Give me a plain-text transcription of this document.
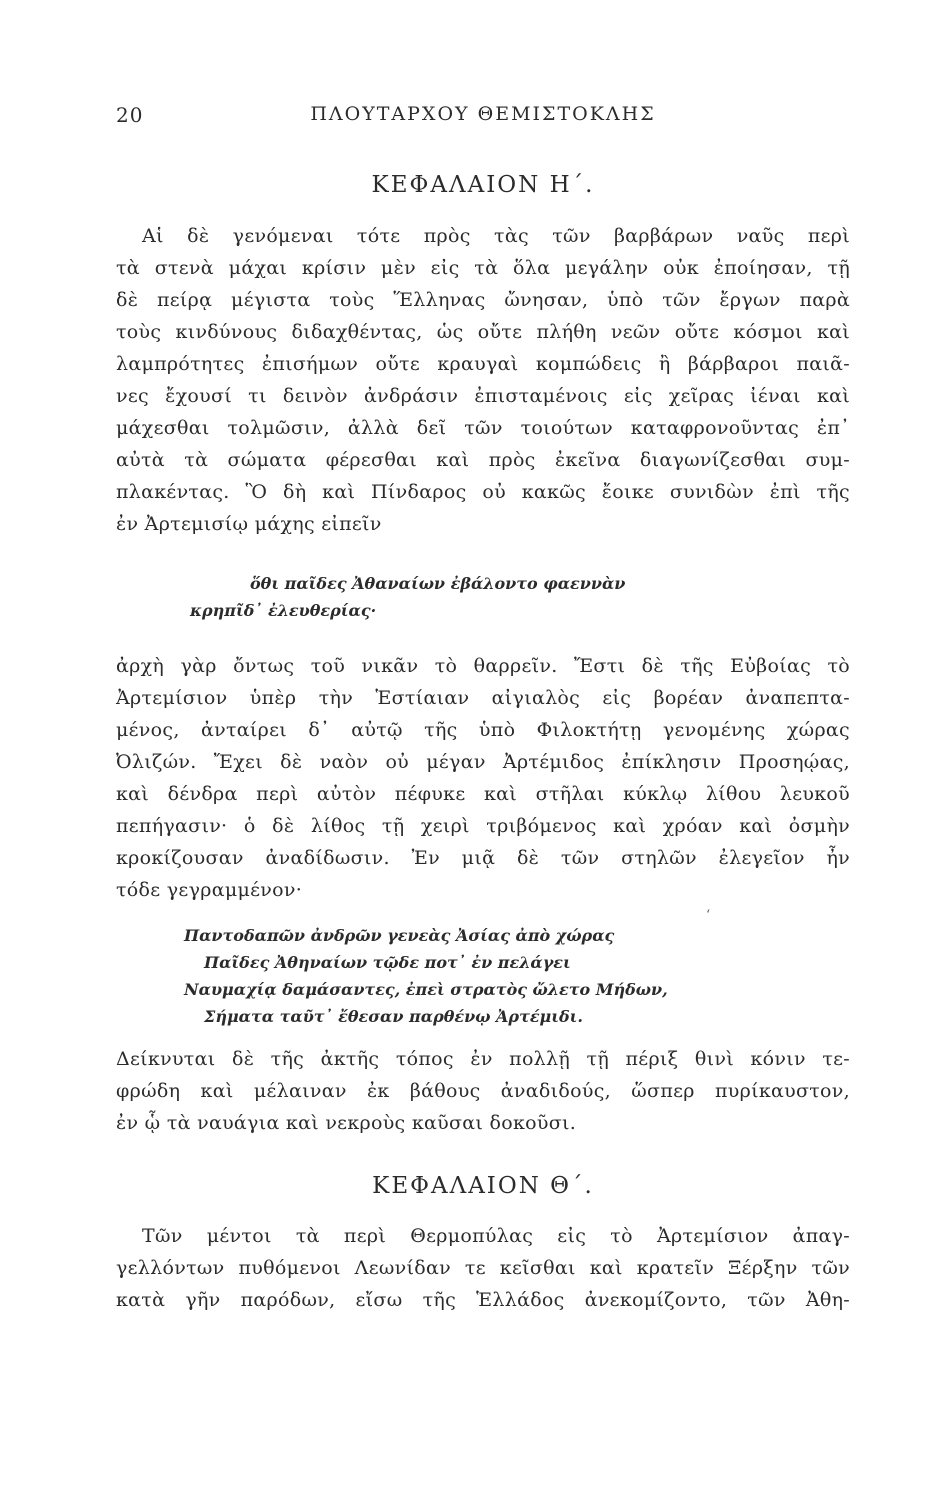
20	ΠΛΟΥΤΑΡΧΟΥ ΘΕΜΙΣΤΟΚΛΗΣ
ΚΕΦΑΛΑΙΟΝ Η΄.
Αἱ δὲ γενόμεναι τότε πρὸς τὰς τῶν βαρβάρων ναῦς περὶ
τὰ στενὰ μάχαι κρίσιν μὲν εἰς τὰ ὅλα μεγάλην οὐκ ἐποίησαν, τῇ
δὲ πείρᾳ μέγιστα τοὺς Ἕλληνας ὤνησαν, ὑπὸ τῶν ἔργων παρὰ
τοὺς κινδύνους διδαχθέντας, ὡς οὔτε πλήθη νεῶν οὔτε κόσμοι καὶ
λαμπρότητες ἐπισήμων οὔτε κραυγαὶ κομπώδεις ἢ βάρβαροι παιᾶ-
νες ἔχουσί τι δεινὸν ἀνδράσιν ἐπισταμένοις εἰς χεῖρας ἰέναι καὶ
μάχεσθαι τολμῶσιν, ἀλλὰ δεῖ τῶν τοιούτων καταφρονοῦντας ἐπ᾽
αὐτὰ τὰ σώματα φέρεσθαι καὶ πρὸς ἐκεῖνα διαγωνίζεσθαι συμ-
πλακέντας. Ὃ δὴ καὶ Πίνδαρος οὐ κακῶς ἔοικε συνιδὼν ἐπὶ τῆς
ἐν Ἀρτεμισίῳ μάχης εἰπεῖν
ὅθι παῖδες Ἀθαναίων ἐβάλοντο φαεννὰν
κρηπῖδ᾽ ἐλευθερίας·
ἀρχὴ γὰρ ὄντως τοῦ νικᾶν τὸ θαρρεῖν. Ἔστι δὲ τῆς Εὐβοίας τὸ
Ἀρτεμίσιον ὑπὲρ τὴν Ἑστίαιαν αἰγιαλὸς εἰς βορέαν ἀναπεπτα-
μένος, ἀνταίρει δ᾽ αὐτῷ τῆς ὑπὸ Φιλοκτήτῃ γενομένης χώρας
Ὀλιζών. Ἔχει δὲ ναὸν οὐ μέγαν Ἀρτέμιδος ἐπίκλησιν Προσηῴας,
καὶ δένδρα περὶ αὐτὸν πέφυκε καὶ στῆλαι κύκλῳ λίθου λευκοῦ
πεπήγασιν· ὁ δὲ λίθος τῇ χειρὶ τριβόμενος καὶ χρόαν καὶ ὀσμὴν
κροκίζουσαν ἀναδίδωσιν. Ἐν μιᾷ δὲ τῶν στηλῶν ἐλεγεῖον ἦν
τόδε γεγραμμένον·
ʻ
Παντοδαπῶν ἀνδρῶν γενεὰς Ἀσίας ἀπὸ χώρας
Παῖδες Ἀθηναίων τῷδε ποτ᾽ ἐν πελάγει
Ναυμαχίᾳ δαμάσαντες, ἐπεὶ στρατὸς ὤλετο Μήδων,
Σήματα ταῦτ᾽ ἔθεσαν παρθένῳ Ἀρτέμιδι.
Δείκνυται δὲ τῆς ἀκτῆς τόπος ἐν πολλῇ τῇ πέριξ θινὶ κόνιν τε-
φρώδη καὶ μέλαιναν ἐκ βάθους ἀναδιδούς, ὥσπερ πυρίκαυστον,
ἐν ᾧ τὰ ναυάγια καὶ νεκροὺς καῦσαι δοκοῦσι.
ΚΕΦΑΛΑΙΟΝ Θ΄.
Τῶν μέντοι τὰ περὶ Θερμοπύλας εἰς τὸ Ἀρτεμίσιον ἀπαγ-
γελλόντων πυθόμενοι Λεωνίδαν τε κεῖσθαι καὶ κρατεῖν Ξέρξην τῶν
κατὰ γῆν παρόδων, εἴσω τῆς Ἑλλάδος ἀνεκομίζοντο, τῶν Ἀθη-
